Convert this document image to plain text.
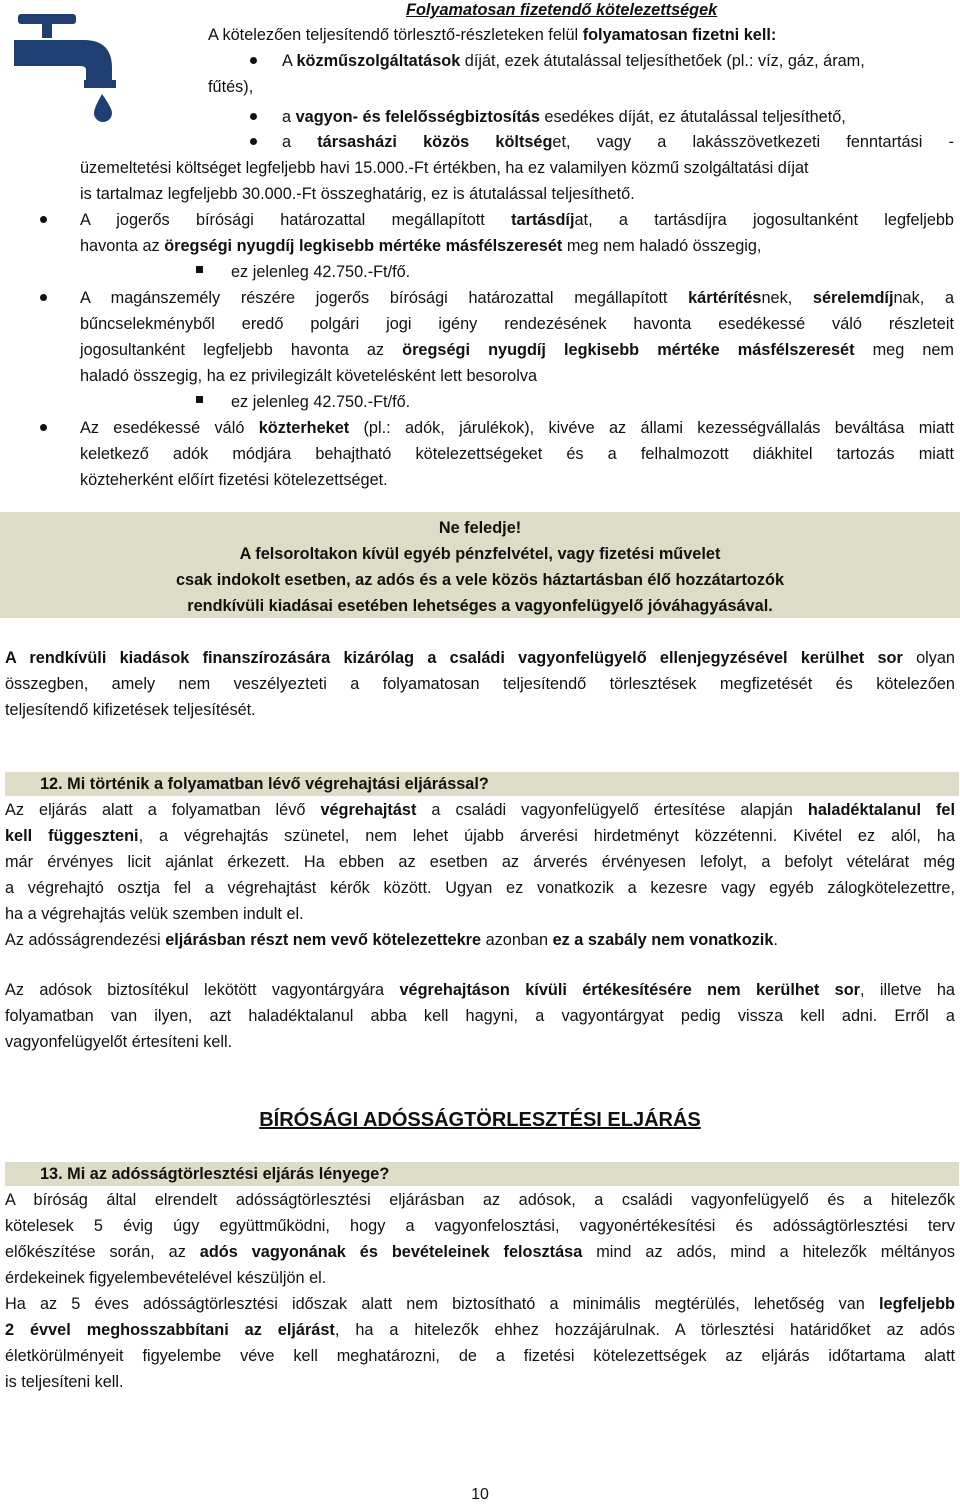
Folyamatosan fizetendő kötelezettségek
A kötelezően teljesítendő törlesztő-részleteken felül folyamatosan fizetni kell:
A közműszolgáltatások díját, ezek átutalással teljesíthetőek (pl.: víz, gáz, áram,
fűtés),
a vagyon- és felelősségbiztosítás esedékes díját, ez átutalással teljesíthető,
a társasházi közös költséget, vagy a lakásszövetkezeti fenntartási -
üzemeltetési költséget legfeljebb havi 15.000.-Ft értékben, ha ez valamilyen közmű szolgáltatási díjat
is tartalmaz legfeljebb 30.000.-Ft összeghatárig, ez is átutalással teljesíthető.
A jogerős bírósági határozattal megállapított tartásdíjat, a tartásdíjra jogosultanként legfeljebb
havonta az öregségi nyugdíj legkisebb mértéke másfélszeresét meg nem haladó összegig,
ez jelenleg 42.750.-Ft/fő.
A magánszemély részére jogerős bírósági határozattal megállapított kártérítésnek, sérelemdíjnak, a
bűncselekményből eredő polgári jogi igény rendezésének havonta esedékessé váló részleteit
jogosultanként legfeljebb havonta az öregségi nyugdíj legkisebb mértéke másfélszeresét meg nem
haladó összegig, ha ez privilegizált követelésként lett besorolva
ez jelenleg 42.750.-Ft/fő.
Az esedékessé váló közterheket (pl.: adók, járulékok), kivéve az állami kezességvállalás beváltása miatt
keletkező adók módjára behajtható kötelezettségeket és a felhalmozott diákhitel tartozás miatt
közteherként előírt fizetési kötelezettséget.
Ne feledje!
A felsoroltakon kívül egyéb pénzfelvétel, vagy fizetési művelet
csak indokolt esetben, az adós és a vele közös háztartásban élő hozzátartozók
rendkívüli kiadásai esetében lehetséges a vagyonfelügyelő jóváhagyásával.
A rendkívüli kiadások finanszírozására kizárólag a családi vagyonfelügyelő ellenjegyzésével kerülhet sor olyan
összegben, amely nem veszélyezteti a folyamatosan teljesítendő törlesztések megfizetését és kötelezően
teljesítendő kifizetések teljesítését.
12. Mi történik a folyamatban lévő végrehajtási eljárással?
Az eljárás alatt a folyamatban lévő végrehajtást a családi vagyonfelügyelő értesítése alapján haladéktalanul fel
kell függeszteni, a végrehajtás szünetel, nem lehet újabb árverési hirdetményt közzétenni. Kivétel ez alól, ha
már érvényes licit ajánlat érkezett. Ha ebben az esetben az árverés érvényesen lefolyt, a befolyt vételárat még
a végrehajtó osztja fel a végrehajtást kérők között. Ugyan ez vonatkozik a kezesre vagy egyéb zálogkötelezettre,
ha a végrehajtás velük szemben indult el.
Az adósságrendezési eljárásban részt nem vevő kötelezettekre azonban ez a szabály nem vonatkozik.
Az adósok biztosítékul lekötött vagyontárgyára végrehajtáson kívüli értékesítésére nem kerülhet sor, illetve ha
folyamatban van ilyen, azt haladéktalanul abba kell hagyni, a vagyontárgyat pedig vissza kell adni. Erről a
vagyonfelügyelőt értesíteni kell.
BÍRÓSÁGI ADÓSSÁGTÖRLESZTÉSI ELJÁRÁS
13. Mi az adósságtörlesztési eljárás lényege?
A bíróság által elrendelt adósságtörlesztési eljárásban az adósok, a családi vagyonfelügyelő és a hitelezők
kötelesek 5 évig úgy együttműködni, hogy a vagyonfelosztási, vagyonértékesítési és adósságtörlesztési terv
előkészítése során, az adós vagyonának és bevételeinek felosztása mind az adós, mind a hitelezők méltányos
érdekeinek figyelembevételével készüljön el.
Ha az 5 éves adósságtörlesztési időszak alatt nem biztosítható a minimális megtérülés, lehetőség van legfeljebb
2 évvel meghosszabbítani az eljárást, ha a hitelezők ehhez hozzájárulnak. A törlesztési határidőket az adós
életkörülményeit figyelembe véve kell meghatározni, de a fizetési kötelezettségek az eljárás időtartama alatt
is teljesíteni kell.
10
